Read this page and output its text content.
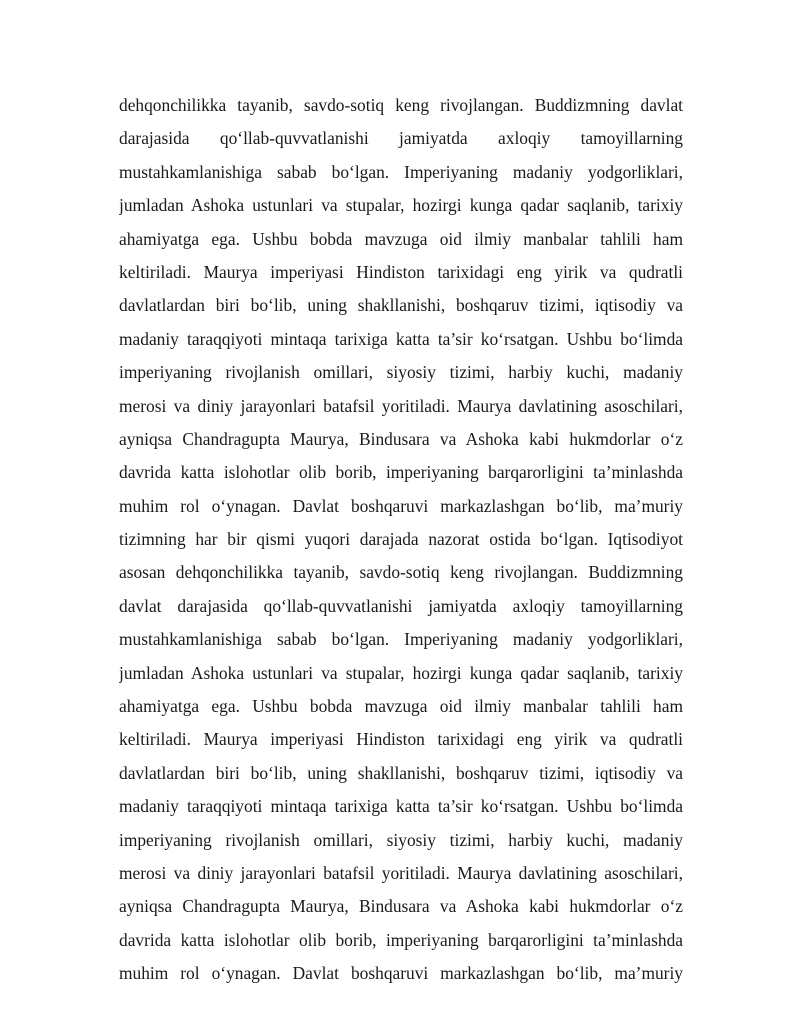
dehqonchilikka tayanib, savdo-sotiq keng rivojlangan. Buddizmning davlat
darajasida qo‘llab-quvvatlanishi jamiyatda axloqiy tamoyillarning
mustahkamlanishiga sabab bo‘lgan. Imperiyaning madaniy yodgorliklari,
jumladan Ashoka ustunlari va stupalar, hozirgi kunga qadar saqlanib, tarixiy
ahamiyatga ega. Ushbu bobda mavzuga oid ilmiy manbalar tahlili ham
keltiriladi. Maurya imperiyasi Hindiston tarixidagi eng yirik va qudratli
davlatlardan biri bo‘lib, uning shakllanishi, boshqaruv tizimi, iqtisodiy va
madaniy taraqqiyoti mintaqa tarixiga katta ta’sir ko‘rsatgan. Ushbu bo‘limda
imperiyaning rivojlanish omillari, siyosiy tizimi, harbiy kuchi, madaniy
merosi va diniy jarayonlari batafsil yoritiladi. Maurya davlatining asoschilari,
ayniqsa Chandragupta Maurya, Bindusara va Ashoka kabi hukmdorlar o‘z
davrida katta islohotlar olib borib, imperiyaning barqarorligini ta’minlashda
muhim rol o‘ynagan. Davlat boshqaruvi markazlashgan bo‘lib, ma’muriy
tizimning har bir qismi yuqori darajada nazorat ostida bo‘lgan. Iqtisodiyot
asosan dehqonchilikka tayanib, savdo-sotiq keng rivojlangan. Buddizmning
davlat darajasida qo‘llab-quvvatlanishi jamiyatda axloqiy tamoyillarning
mustahkamlanishiga sabab bo‘lgan. Imperiyaning madaniy yodgorliklari,
jumladan Ashoka ustunlari va stupalar, hozirgi kunga qadar saqlanib, tarixiy
ahamiyatga ega. Ushbu bobda mavzuga oid ilmiy manbalar tahlili ham
keltiriladi. Maurya imperiyasi Hindiston tarixidagi eng yirik va qudratli
davlatlardan biri bo‘lib, uning shakllanishi, boshqaruv tizimi, iqtisodiy va
madaniy taraqqiyoti mintaqa tarixiga katta ta’sir ko‘rsatgan. Ushbu bo‘limda
imperiyaning rivojlanish omillari, siyosiy tizimi, harbiy kuchi, madaniy
merosi va diniy jarayonlari batafsil yoritiladi. Maurya davlatining asoschilari,
ayniqsa Chandragupta Maurya, Bindusara va Ashoka kabi hukmdorlar o‘z
davrida katta islohotlar olib borib, imperiyaning barqarorligini ta’minlashda
muhim rol o‘ynagan. Davlat boshqaruvi markazlashgan bo‘lib, ma’muriy
